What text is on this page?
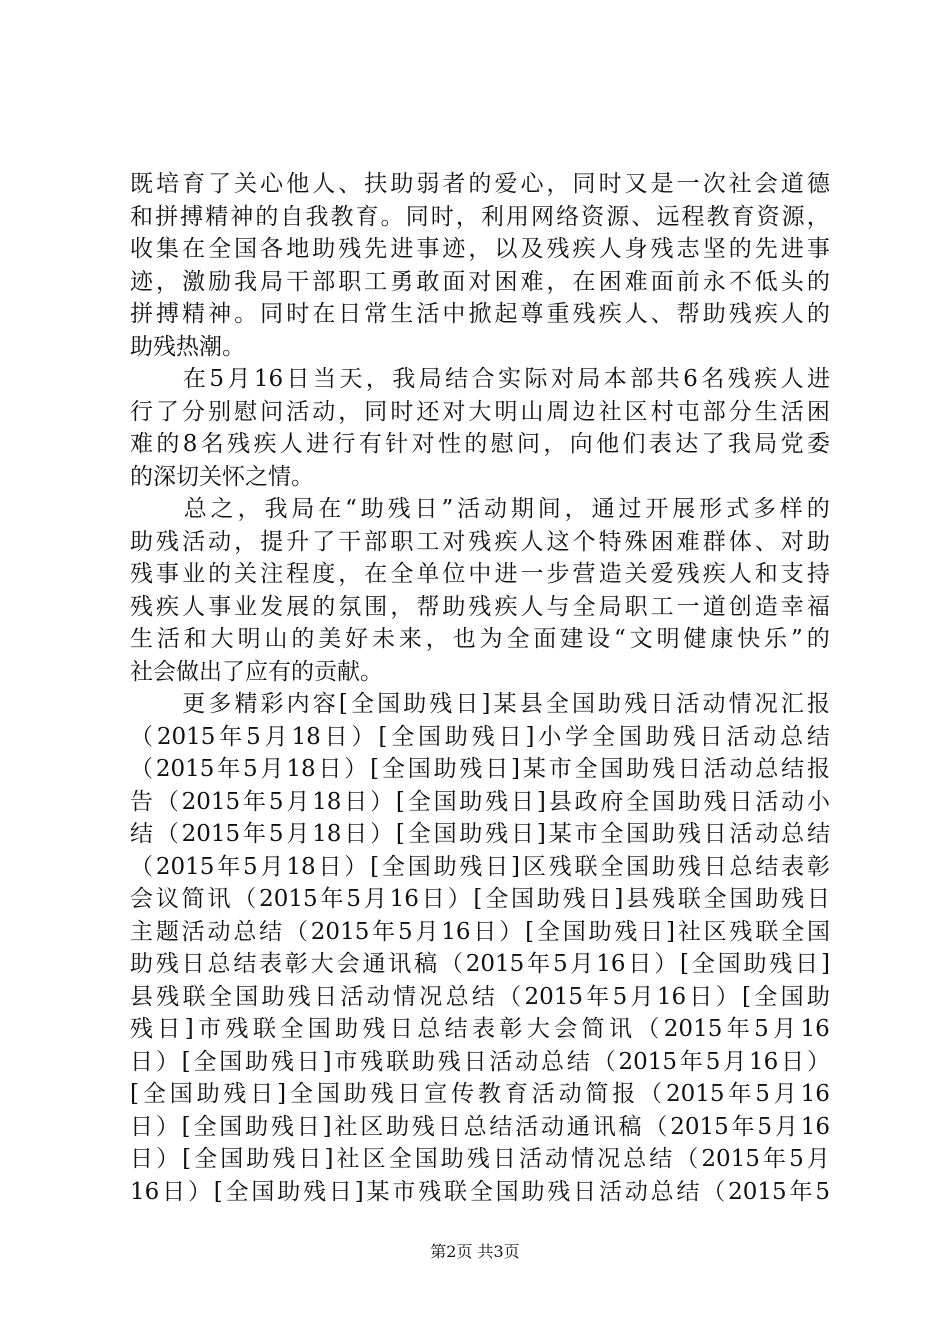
既 培 育 了 关 心 他 人 、 扶 助 弱 者 的 爱 心 ， 同 时 又 是 一 次 社 会 道 德
和 拼 搏 精 神 的 自 我 教 育 。 同 时 ， 利 用 网 络 资 源 、 远 程 教 育 资 源 ，
收 集 在 全 国 各 地 助 残 先 进 事 迹 ， 以 及 残 疾 人 身 残 志 坚 的 先 进 事
迹 ， 激 励 我 局 干 部 职 工 勇 敢 面 对 困 难 ， 在 困 难 面 前 永 不 低 头 的
拼 搏 精 神 。 同 时 在 日 常 生 活 中 掀 起 尊 重 残 疾 人 、 帮 助 残 疾 人 的
助 残 热 潮 。

在 5 月 16 日 当 天 ， 我 局 结 合 实 际 对 局 本 部 共 6 名 残 疾 人 进
行 了 分 别 慰 问 活 动 ， 同 时 还 对 大 明 山 周 边 社 区 村 屯 部 分 生 活 困
难 的 8 名 残 疾 人 进 行 有 针 对 性 的 慰 问 ， 向 他 们 表 达 了 我 局 党 委
的 深 切 关 怀 之 情 。

总 之 ， 我 局 在 “ 助 残 日 ” 活 动 期 间 ， 通 过 开 展 形 式 多 样 的
助 残 活 动 ， 提 升 了 干 部 职 工 对 残 疾 人 这 个 特 殊 困 难 群 体 、 对 助
残 事 业 的 关 注 程 度 ， 在 全 单 位 中 进 一 步 营 造 关 爱 残 疾 人 和 支 持
残 疾 人 事 业 发 展 的 氛 围 ， 帮 助 残 疾 人 与 全 局 职 工 一 道 创 造 幸 福
生 活 和 大 明 山 的 美 好 未 来 ， 也 为 全 面 建 设 “ 文 明 健 康 快 乐 ” 的
社 会 做 出 了 应 有 的 贡 献 。

更 多 精 彩 内 容 [ 全 国 助 残 日 ] 某 县 全 国 助 残 日 活 动 情 况 汇 报
（ 2015 年 5 月 18 日 ） [ 全 国 助 残 日 ] 小 学 全 国 助 残 日 活 动 总 结
（ 2015 年 5 月 18 日 ） [ 全 国 助 残 日 ] 某 市 全 国 助 残 日 活 动 总 结 报
告 （ 2015 年 5 月 18 日 ） [ 全 国 助 残 日 ] 县 政 府 全 国 助 残 日 活 动 小
结 （ 2015 年 5 月 18 日 ） [ 全 国 助 残 日 ] 某 市 全 国 助 残 日 活 动 总 结
（ 2015 年 5 月 18 日 ） [ 全 国 助 残 日 ] 区 残 联 全 国 助 残 日 总 结 表 彰
会 议 简 讯 （ 2015 年 5 月 16 日 ） [ 全 国 助 残 日 ] 县 残 联 全 国 助 残 日
主 题 活 动 总 结 （ 2015 年 5 月 16 日 ） [ 全 国 助 残 日 ] 社 区 残 联 全 国
助 残 日 总 结 表 彰 大 会 通 讯 稿 （ 2015 年 5 月 16 日 ） [ 全 国 助 残 日 ]
县 残 联 全 国 助 残 日 活 动 情 况 总 结 （ 2015 年 5 月 16 日 ） [ 全 国 助
残 日 ] 市 残 联 全 国 助 残 日 总 结 表 彰 大 会 简 讯 （ 2015 年 5 月 16
日 ） [ 全 国 助 残 日 ] 市 残 联 助 残 日 活 动 总 结 （ 2015 年 5 月 16 日 ）
[ 全 国 助 残 日 ] 全 国 助 残 日 宣 传 教 育 活 动 简 报 （ 2015 年 5 月 16
日 ） [ 全 国 助 残 日 ] 社 区 助 残 日 总 结 活 动 通 讯 稿 （ 2015 年 5 月 16
日 ） [ 全 国 助 残 日 ] 社 区 全 国 助 残 日 活 动 情 况 总 结 （ 2015 年 5 月
16 日 ） [ 全 国 助 残 日 ] 某 市 残 联 全 国 助 残 日 活 动 总 结 （ 2015 年 5
第2页 共3页
